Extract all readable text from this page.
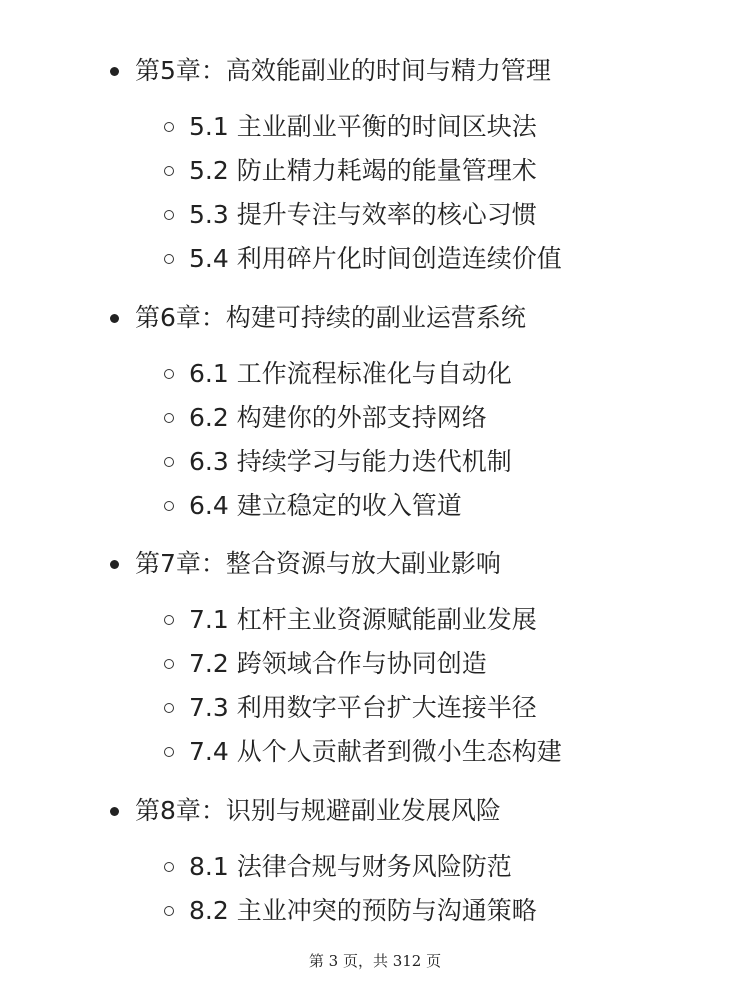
第5章：高效能副业的时间与精力管理
5.1 主业副业平衡的时间区块法
5.2 防止精力耗竭的能量管理术
5.3 提升专注与效率的核心习惯
5.4 利用碎片化时间创造连续价值
第6章：构建可持续的副业运营系统
6.1 工作流程标准化与自动化
6.2 构建你的外部支持网络
6.3 持续学习与能力迭代机制
6.4 建立稳定的收入管道
第7章：整合资源与放大副业影响
7.1 杠杆主业资源赋能副业发展
7.2 跨领域合作与协同创造
7.3 利用数字平台扩大连接半径
7.4 从个人贡献者到微小生态构建
第8章：识别与规避副业发展风险
8.1 法律合规与财务风险防范
8.2 主业冲突的预防与沟通策略
第 3 页，共 312 页
